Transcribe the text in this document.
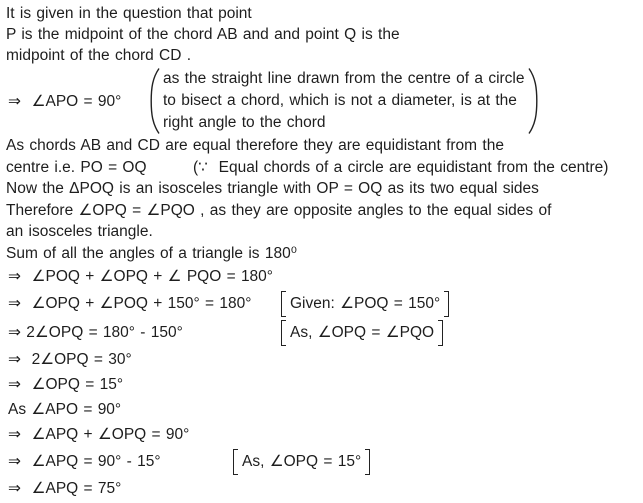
It is given in the question that point
P is the midpoint of the chord AB and and point Q is the
midpoint of the chord CD .
⇒  ∠APO = 90°
as the straight line drawn from the centre of a circle
to bisect a chord, which is not a diameter, is at the
right angle to the chord
As chords AB and CD are equal therefore they are equidistant from the
centre i.e. PO = OQ	(∵  Equal chords of a circle are equidistant from the centre)
Now the ΔPOQ is an isosceles triangle with OP = OQ as its two equal sides
Therefore ∠OPQ = ∠PQO , as they are opposite angles to the equal sides of
an isosceles triangle.
Sum of all the angles of a triangle is 180⁰
⇒  ∠POQ + ∠OPQ + ∠ PQO = 180°
⇒  ∠OPQ + ∠POQ + 150° = 180°	Given: ∠POQ = 150°
⇒ 2∠OPQ = 180° - 150°	As, ∠OPQ = ∠PQO
⇒  2∠OPQ = 30°
⇒  ∠OPQ = 15°
As ∠APO = 90°
⇒  ∠APQ + ∠OPQ = 90°
⇒  ∠APQ = 90° - 15°	As, ∠OPQ = 15°
⇒  ∠APQ = 75°
